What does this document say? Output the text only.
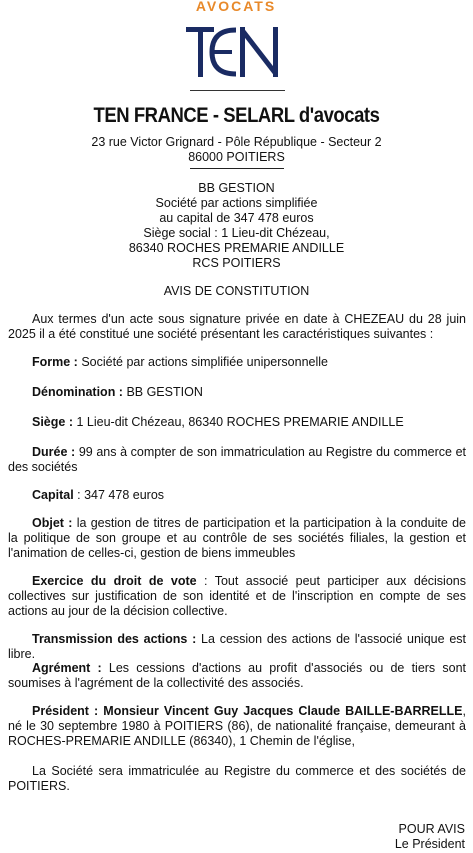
AVOCATS
TEN FRANCE - SELARL d'avocats
23 rue Victor Grignard - Pôle République - Secteur 2
86000 POITIERS
BB GESTION
Société par actions simplifiée
au capital de 347 478 euros
Siège social : 1 Lieu-dit Chézeau,
86340 ROCHES PREMARIE ANDILLE
RCS POITIERS
AVIS DE CONSTITUTION

Aux termes d'un acte sous signature privée en date à CHEZEAU du 28 juin 2025 il a été constitué une société présentant les caractéristiques suivantes :

Forme : Société par actions simplifiée unipersonnelle

Dénomination : BB GESTION

Siège : 1 Lieu-dit Chézeau, 86340 ROCHES PREMARIE ANDILLE

Durée : 99 ans à compter de son immatriculation au Registre du commerce et des sociétés

Capital : 347 478 euros

Objet : la gestion de titres de participation et la participation à la conduite de la politique de son groupe et au contrôle de ses sociétés filiales, la gestion et l'animation de celles-ci, gestion de biens immeubles

Exercice du droit de vote : Tout associé peut participer aux décisions collectives sur justification de son identité et de l'inscription en compte de ses actions au jour de la décision collective.

Transmission des actions : La cession des actions de l'associé unique est libre.

Agrément : Les cessions d'actions au profit d'associés ou de tiers sont soumises à l'agrément de la collectivité des associés.

Président : Monsieur Vincent Guy Jacques Claude BAILLE-BARRELLE, né le 30 septembre 1980 à POITIERS (86), de nationalité française, demeurant à ROCHES-PREMARIE ANDILLE (86340), 1 Chemin de l'église,

La Société sera immatriculée au Registre du commerce et des sociétés de POITIERS.

POUR AVIS
Le Président
